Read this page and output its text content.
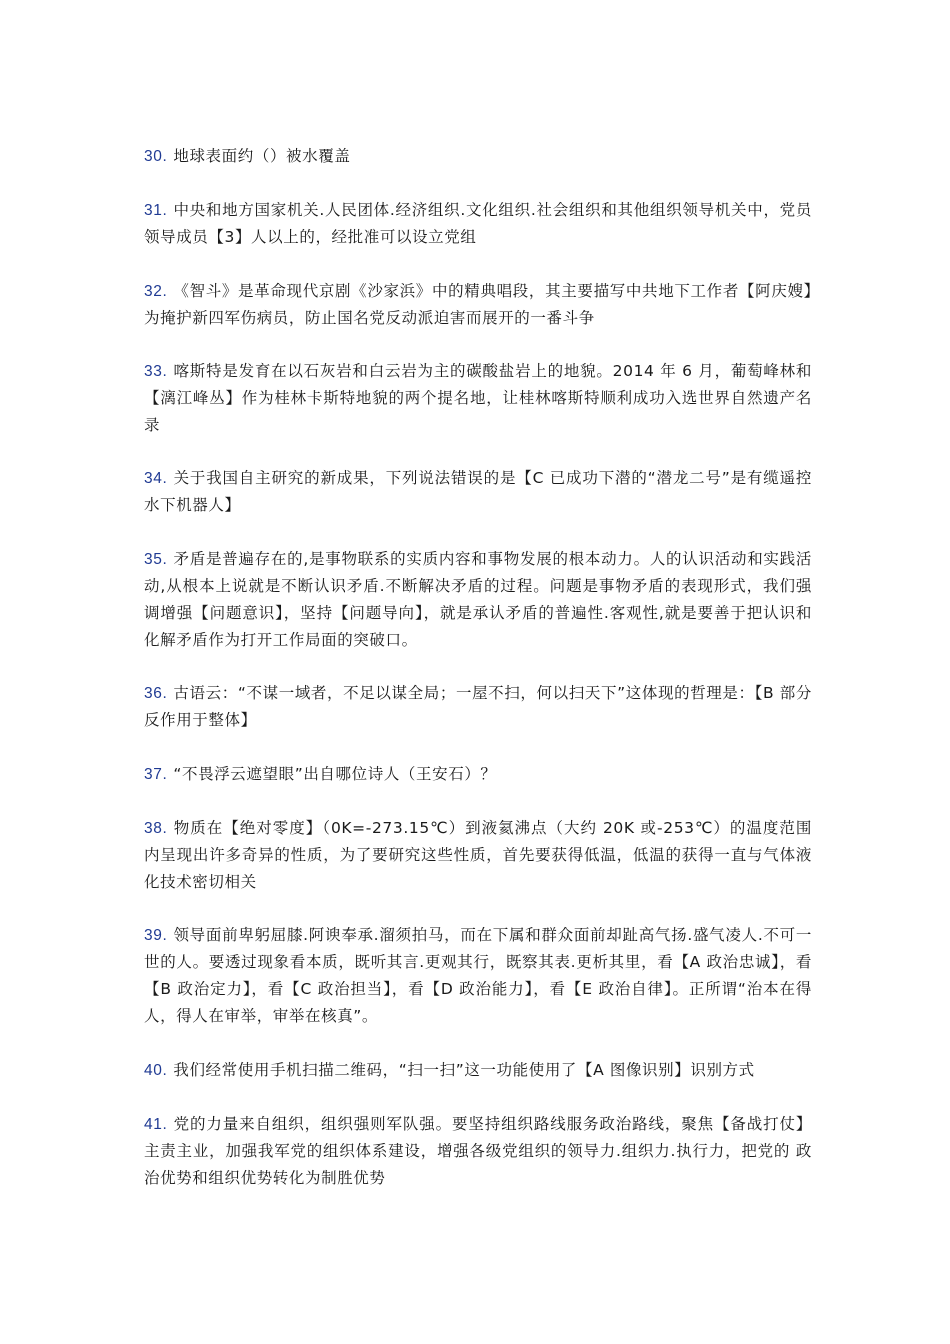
30. 地球表面约（）被水覆盖

31. 中央和地方国家机关.人民团体.经济组织.文化组织.社会组织和其他组织领导机关中，党员领导成员【3】人以上的，经批准可以设立党组

32. 《智斗》是革命现代京剧《沙家浜》中的精典唱段，其主要描写中共地下工作者【阿庆嫂】为掩护新四军伤病员，防止国名党反动派迫害而展开的一番斗争

33. 喀斯特是发育在以石灰岩和白云岩为主的碳酸盐岩上的地貌。2014 年 6 月，葡萄峰林和【漓江峰丛】作为桂林卡斯特地貌的两个提名地，让桂林喀斯特顺利成功入选世界自然遗产名录

34. 关于我国自主研究的新成果，下列说法错误的是【C 已成功下潜的“潜龙二号”是有缆遥控水下机器人】

35. 矛盾是普遍存在的,是事物联系的实质内容和事物发展的根本动力。人的认识活动和实践活动,从根本上说就是不断认识矛盾.不断解决矛盾的过程。问题是事物矛盾的表现形式，我们强调增强【问题意识】，坚持【问题导向】，就是承认矛盾的普遍性.客观性,就是要善于把认识和化解矛盾作为打开工作局面的突破口。

36. 古语云：“不谋一域者，不足以谋全局；一屋不扫，何以扫天下”这体现的哲理是：【B 部分反作用于整体】

37. “不畏浮云遮望眼”出自哪位诗人（王安石）？

38. 物质在【绝对零度】（0K=-273.15℃）到液氦沸点（大约 20K 或-253℃）的温度范围内呈现出许多奇异的性质，为了要研究这些性质，首先要获得低温，低温的获得一直与气体液化技术密切相关

39. 领导面前卑躬屈膝.阿谀奉承.溜须拍马，而在下属和群众面前却趾高气扬.盛气凌人.不可一世的人。要透过现象看本质，既听其言.更观其行，既察其表.更析其里，看【A 政治忠诚】，看【B 政治定力】，看【C 政治担当】，看【D 政治能力】，看【E 政治自律】。正所谓“治本在得人，得人在审举，审举在核真”。

40. 我们经常使用手机扫描二维码，“扫一扫”这一功能使用了【A 图像识别】识别方式

41. 党的力量来自组织，组织强则军队强。要坚持组织路线服务政治路线，聚焦【备战打仗】主责主业，加强我军党的组织体系建设，增强各级党组织的领导力.组织力.执行力，把党的 政治优势和组织优势转化为制胜优势
